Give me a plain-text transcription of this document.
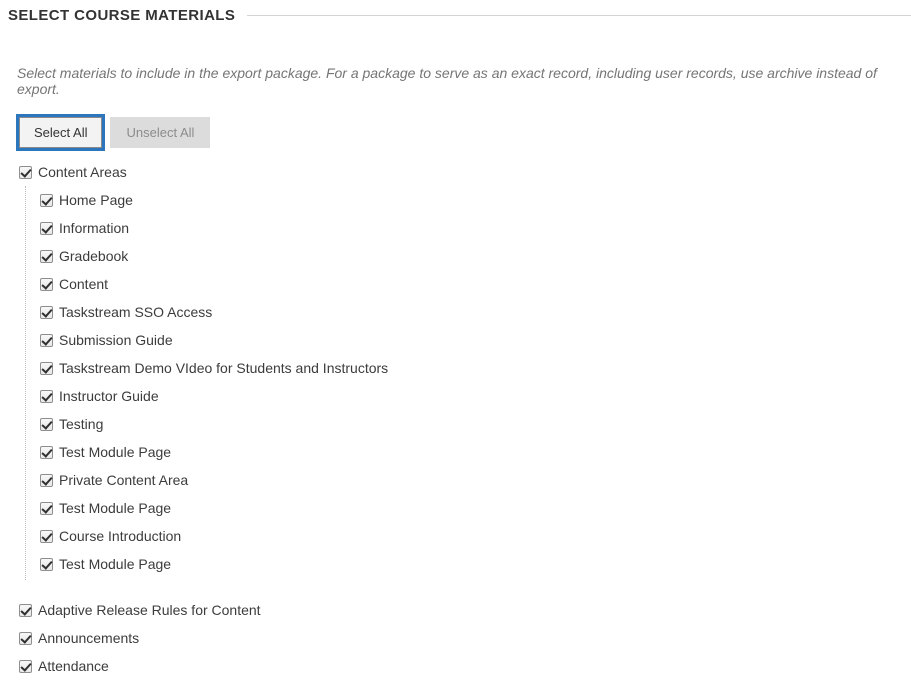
SELECT COURSE MATERIALS

Select materials to include in the export package. For a package to serve as an exact record, including user records, use archive instead of export.

Select All	Unselect All
Content Areas
Home Page
Information
Gradebook
Content
Taskstream SSO Access
Submission Guide
Taskstream Demo VIdeo for Students and Instructors
Instructor Guide
Testing
Test Module Page
Private Content Area
Test Module Page
Course Introduction
Test Module Page
Adaptive Release Rules for Content
Announcements
Attendance
